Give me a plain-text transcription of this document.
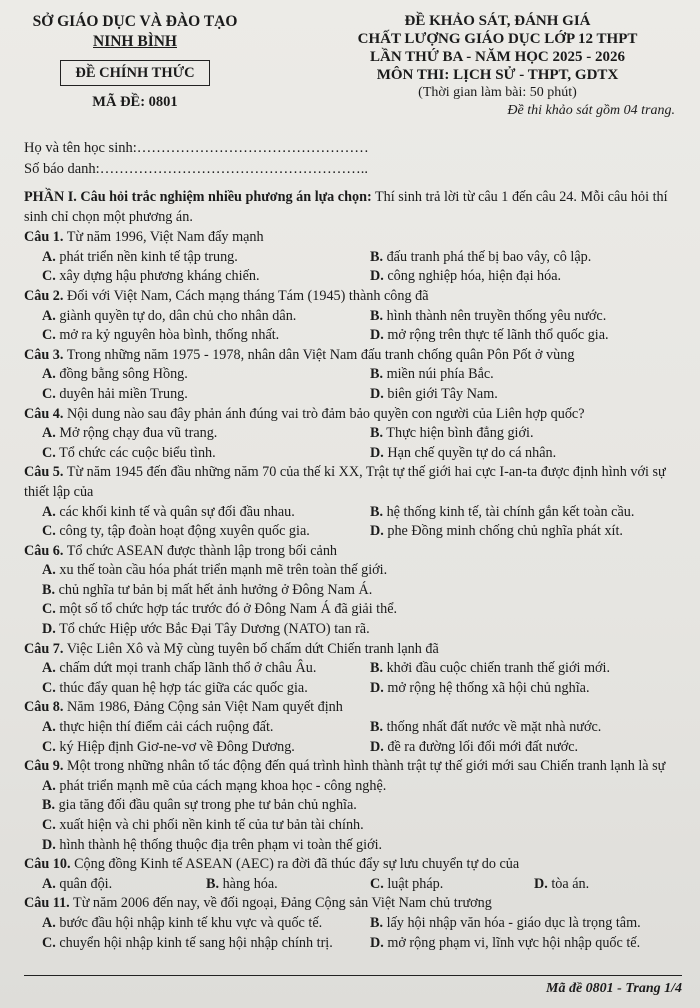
SỞ GIÁO DỤC VÀ ĐÀO TẠO
NINH BÌNH
ĐỀ CHÍNH THỨC
MÃ ĐỀ: 0801
ĐỀ KHẢO SÁT, ĐÁNH GIÁ
CHẤT LƯỢNG GIÁO DỤC LỚP 12 THPT
LẦN THỨ BA - NĂM HỌC 2025 - 2026
MÔN THI: LỊCH SỬ - THPT, GDTX
(Thời gian làm bài: 50 phút)
Đề thi khảo sát gồm 04 trang.
Họ và tên học sinh:…………………………………………
Số báo danh:………………………………………………..

PHẦN I. Câu hỏi trắc nghiệm nhiều phương án lựa chọn: Thí sinh trả lời từ câu 1 đến câu 24. Mỗi câu hỏi thí sinh chỉ chọn một phương án.

Câu 1. Từ năm 1996, Việt Nam đẩy mạnh
A. phát triển nền kinh tế tập trung.	B. đấu tranh phá thế bị bao vây, cô lập.
C. xây dựng hậu phương kháng chiến.	D. công nghiệp hóa, hiện đại hóa.
Câu 2. Đối với Việt Nam, Cách mạng tháng Tám (1945) thành công đã
A. giành quyền tự do, dân chủ cho nhân dân.	B. hình thành nên truyền thống yêu nước.
C. mở ra kỷ nguyên hòa bình, thống nhất.	D. mở rộng trên thực tế lãnh thổ quốc gia.
Câu 3. Trong những năm 1975 - 1978, nhân dân Việt Nam đấu tranh chống quân Pôn Pốt ở vùng
A. đồng bằng sông Hồng.	B. miền núi phía Bắc.
C. duyên hải miền Trung.	D. biên giới Tây Nam.
Câu 4. Nội dung nào sau đây phản ánh đúng vai trò đảm bảo quyền con người của Liên hợp quốc?
A. Mở rộng chạy đua vũ trang.	B. Thực hiện bình đẳng giới.
C. Tổ chức các cuộc biểu tình.	D. Hạn chế quyền tự do cá nhân.
Câu 5. Từ năm 1945 đến đầu những năm 70 của thế kỉ XX, Trật tự thế giới hai cực I-an-ta được định hình với sự thiết lập của
A. các khối kinh tế và quân sự đối đầu nhau.	B. hệ thống kinh tế, tài chính gắn kết toàn cầu.
C. công ty, tập đoàn hoạt động xuyên quốc gia.	D. phe Đồng minh chống chủ nghĩa phát xít.
Câu 6. Tổ chức ASEAN được thành lập trong bối cảnh
A. xu thế toàn cầu hóa phát triển mạnh mẽ trên toàn thế giới.
B. chủ nghĩa tư bản bị mất hết ảnh hưởng ở Đông Nam Á.
C. một số tổ chức hợp tác trước đó ở Đông Nam Á đã giải thể.
D. Tổ chức Hiệp ước Bắc Đại Tây Dương (NATO) tan rã.
Câu 7. Việc Liên Xô và Mỹ cùng tuyên bố chấm dứt Chiến tranh lạnh đã
A. chấm dứt mọi tranh chấp lãnh thổ ở châu Âu.	B. khởi đầu cuộc chiến tranh thế giới mới.
C. thúc đẩy quan hệ hợp tác giữa các quốc gia.	D. mở rộng hệ thống xã hội chủ nghĩa.
Câu 8. Năm 1986, Đảng Cộng sản Việt Nam quyết định
A. thực hiện thí điểm cải cách ruộng đất.	B. thống nhất đất nước về mặt nhà nước.
C. ký Hiệp định Giơ-ne-vơ về Đông Dương.	D. đề ra đường lối đổi mới đất nước.
Câu 9. Một trong những nhân tố tác động đến quá trình hình thành trật tự thế giới mới sau Chiến tranh lạnh là sự
A. phát triển mạnh mẽ của cách mạng khoa học - công nghệ.
B. gia tăng đối đầu quân sự trong phe tư bản chủ nghĩa.
C. xuất hiện và chi phối nền kinh tế của tư bản tài chính.
D. hình thành hệ thống thuộc địa trên phạm vi toàn thế giới.
Câu 10. Cộng đồng Kinh tế ASEAN (AEC) ra đời đã thúc đẩy sự lưu chuyển tự do của
A. quân đội.	B. hàng hóa.	C. luật pháp.	D. tòa án.
Câu 11. Từ năm 2006 đến nay, về đối ngoại, Đảng Cộng sản Việt Nam chủ trương
A. bước đầu hội nhập kinh tế khu vực và quốc tế.	B. lấy hội nhập văn hóa - giáo dục là trọng tâm.
C. chuyển hội nhập kinh tế sang hội nhập chính trị.	D. mở rộng phạm vi, lĩnh vực hội nhập quốc tế.
Mã đề 0801 - Trang 1/4
